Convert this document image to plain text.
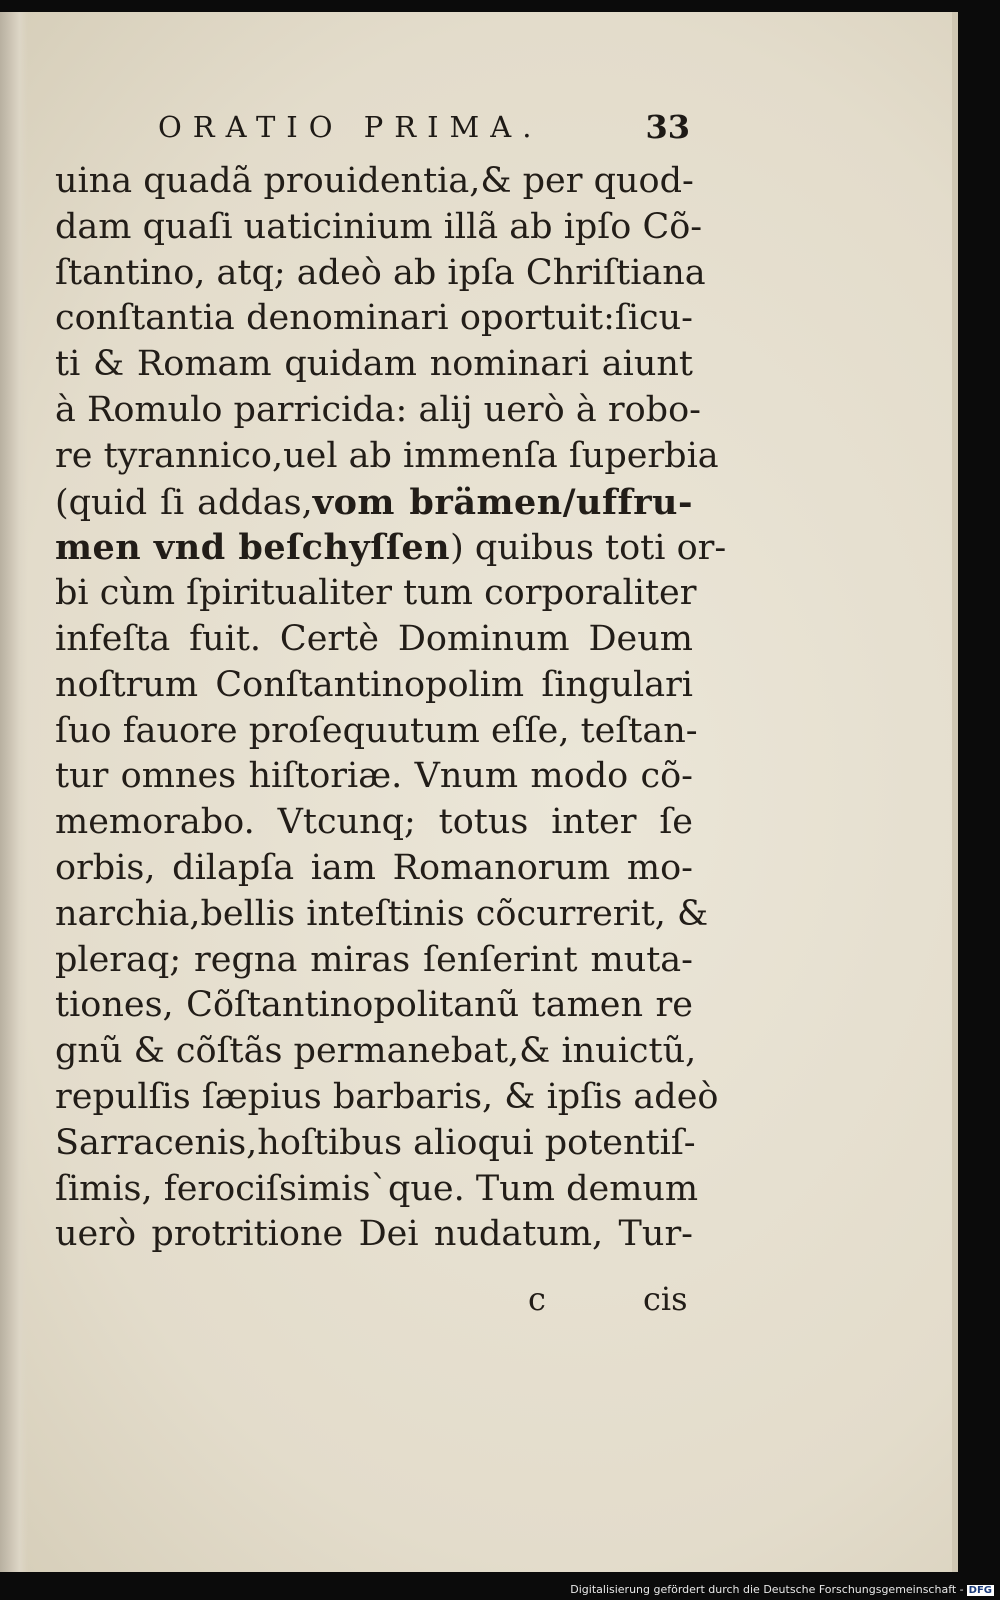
ORATIO PRIMA.	33
uina quadã prouidentia,& per quod-
dam quaſi uaticinium illã ab ipſo Cõ-
ſtantino, atq; adeò ab ipſa Chriſtiana
conſtantia denominari oportuit:ſicu-
ti & Romam quidam nominari aiunt
à Romulo parricida: alij uerò à robo-
re tyrannico,uel ab immenſa ſuperbia
(quid ſi addas,vom brämen/uffru-
men vnd beſchyſſen) quibus toti or-
bi cùm ſpiritualiter tum corporaliter
infeſta fuit. Certè Dominum Deum
noſtrum Conſtantinopolim ſingulari
ſuo fauore proſequutum eſſe, teſtan-
tur omnes hiſtoriæ. Vnum modo cõ-
memorabo. Vtcunq; totus inter ſe
orbis, dilapſa iam Romanorum mo-
narchia,bellis inteſtinis cõcurrerit, &
pleraq; regna miras ſenſerint muta-
tiones, Cõſtantinopolitanũ tamen re
gnũ & cõſtãs permanebat,& inuictũ,
repulſis ſæpius barbaris, & ipſis adeò
Sarracenis,hoſtibus alioqui potentiſ-
ſimis, ferociſsimis`que. Tum demum
uerò protritione Dei nudatum, Tur-
c	cis
Digitalisierung gefördert durch die Deutsche Forschungsgemeinschaft - DFG
